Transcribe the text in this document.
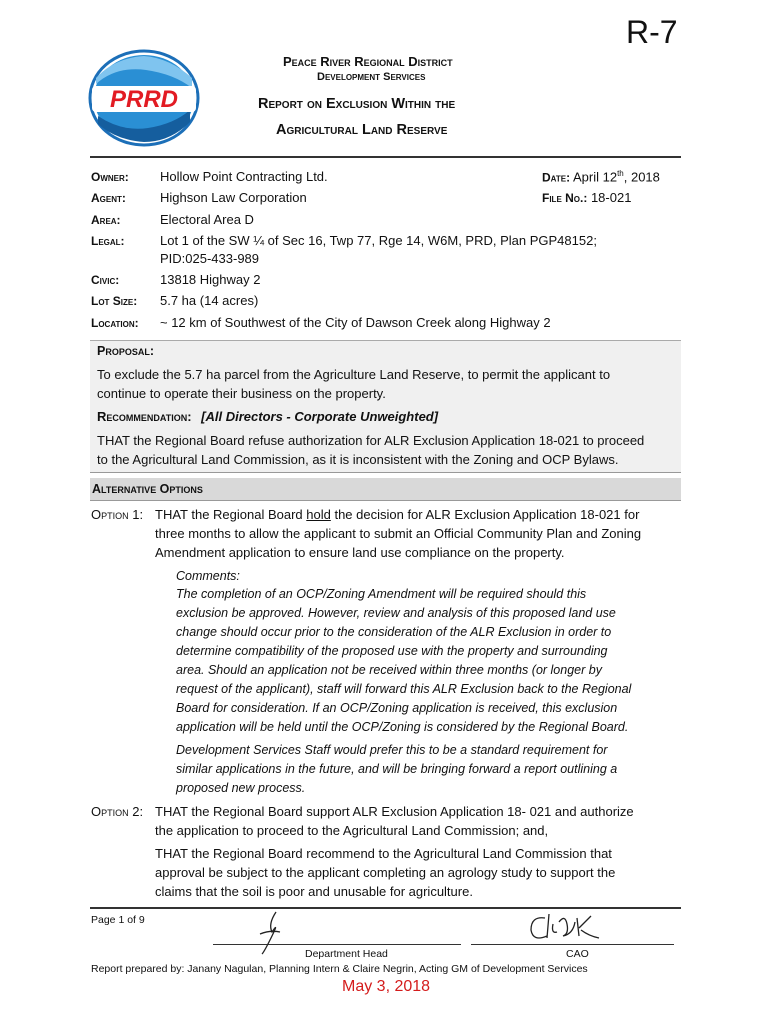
R-7
PRRD
Peace River Regional District
Development Services
Report on Exclusion Within the
Agricultural Land Reserve
Owner: Hollow Point Contracting Ltd.
Agent:	Highson Law Corporation
Area:	Electoral Area D
Legal:	Lot 1 of the SW ¼ of Sec 16, Twp 77, Rge 14, W6M, PRD, Plan PGP48152;
PID:025-433-989
Civic:	13818 Highway 2
Lot Size: 5.7 ha (14 acres)
Location: ~ 12 km of Southwest of the City of Dawson Creek along Highway 2
Date: April 12th, 2018
File No.: 18-021
Proposal:
To exclude the 5.7 ha parcel from the Agriculture Land Reserve, to permit the applicant to
continue to operate their business on the property.
Recommendation: [All Directors - Corporate Unweighted]
THAT the Regional Board refuse authorization for ALR Exclusion Application 18-021 to proceed
to the Agricultural Land Commission, as it is inconsistent with the Zoning and OCP Bylaws.
Alternative Options
Option 1: THAT the Regional Board hold the decision for ALR Exclusion Application 18-021 for
three months to allow the applicant to submit an Official Community Plan and Zoning
Amendment application to ensure land use compliance on the property.
Comments:
The completion of an OCP/Zoning Amendment will be required should this
exclusion be approved. However, review and analysis of this proposed land use
change should occur prior to the consideration of the ALR Exclusion in order to
determine compatibility of the proposed use with the property and surrounding
area. Should an application not be received within three months (or longer by
request of the applicant), staff will forward this ALR Exclusion back to the Regional
Board for consideration. If an OCP/Zoning application is received, this exclusion
application will be held until the OCP/Zoning is considered by the Regional Board.
Development Services Staff would prefer this to be a standard requirement for
similar applications in the future, and will be bringing forward a report outlining a
proposed new process.
Option 2: THAT the Regional Board support ALR Exclusion Application 18- 021 and authorize
the application to proceed to the Agricultural Land Commission; and,
THAT the Regional Board recommend to the Agricultural Land Commission that
approval be subject to the applicant completing an agrology study to support the
claims that the soil is poor and unusable for agriculture.
Page 1 of 9
Department Head	CAO
Report prepared by: Janany Nagulan, Planning Intern & Claire Negrin, Acting GM of Development Services
May 3, 2018
